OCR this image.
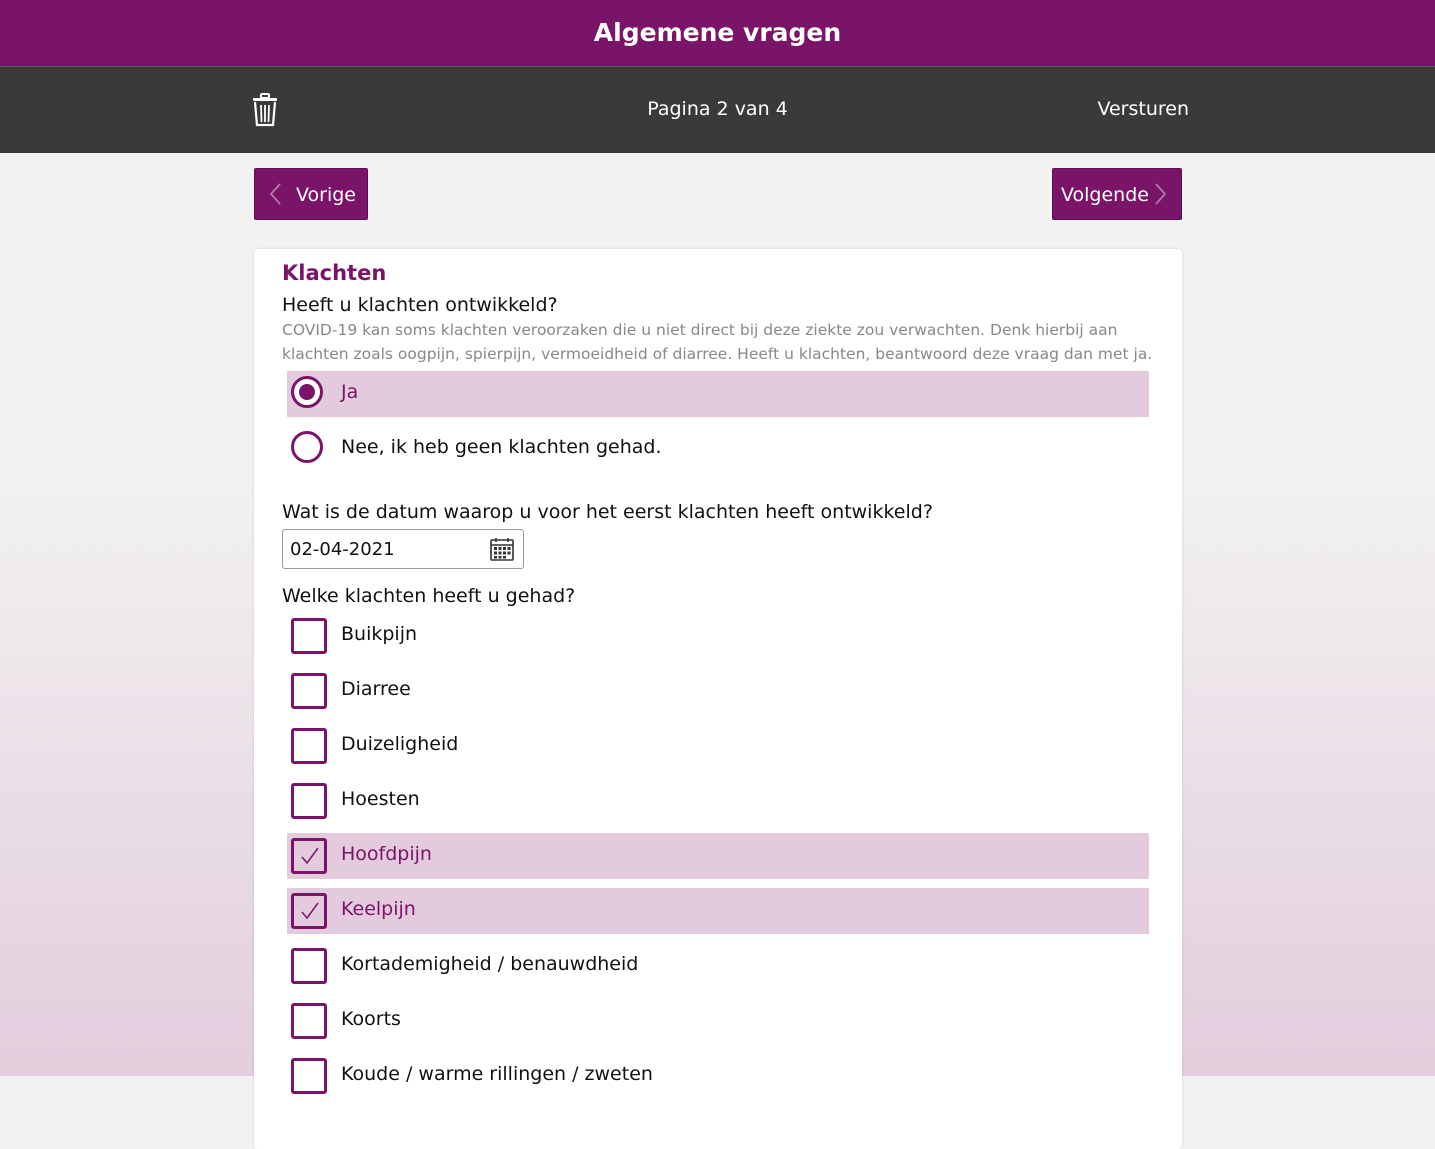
Algemene vragen
Pagina 2 van 4	Versturen
Vorige	Volgende
Klachten
Heeft u klachten ontwikkeld?
COVID-19 kan soms klachten veroorzaken die u niet direct bij deze ziekte zou verwachten. Denk hierbij aan klachten zoals oogpijn, spierpijn, vermoeidheid of diarree. Heeft u klachten, beantwoord deze vraag dan met ja.
Ja
Nee, ik heb geen klachten gehad.
Wat is de datum waarop u voor het eerst klachten heeft ontwikkeld?
02-04-2021
Welke klachten heeft u gehad?
Buikpijn
Diarree
Duizeligheid
Hoesten
Hoofdpijn
Keelpijn
Kortademigheid / benauwdheid
Koorts
Koude / warme rillingen / zweten
